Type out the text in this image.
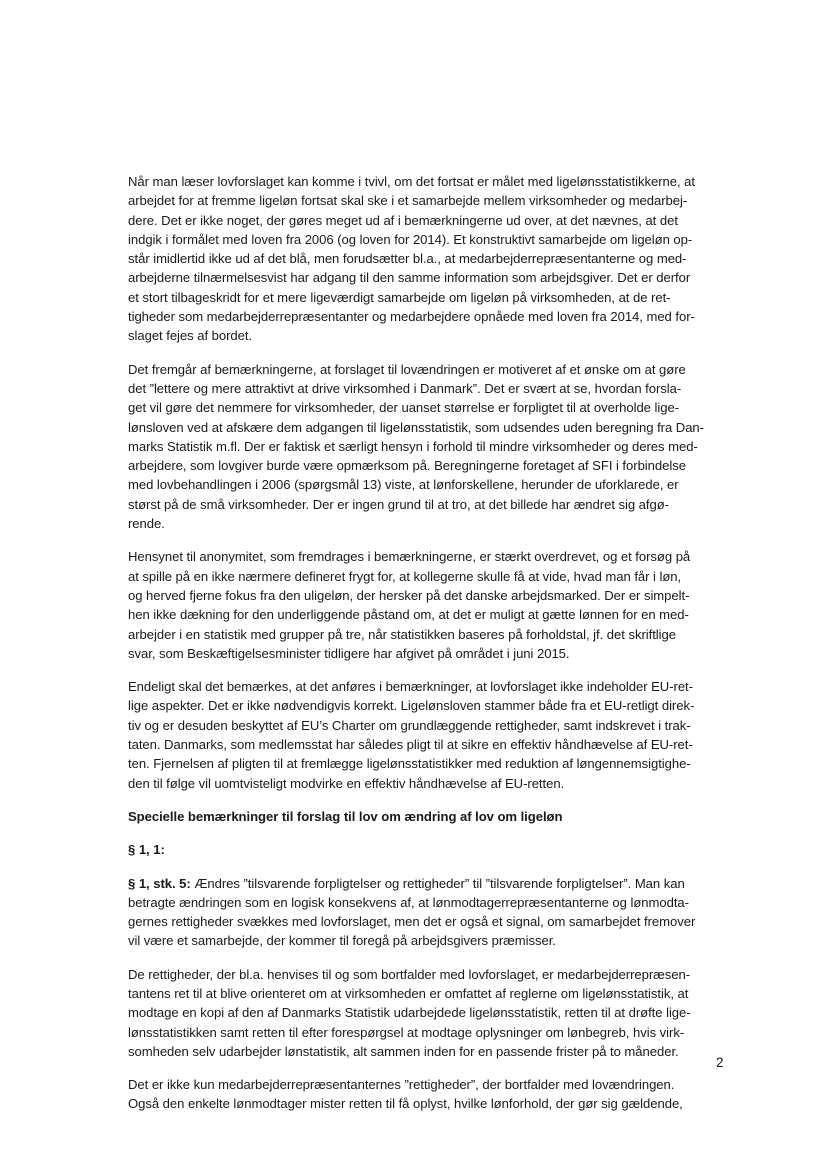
Når man læser lovforslaget kan komme i tvivl, om det fortsat er målet med ligelønsstatistikkerne, at
arbejdet for at fremme ligeløn fortsat skal ske i et samarbejde mellem virksomheder og medarbej-
dere. Det er ikke noget, der gøres meget ud af i bemærkningerne ud over, at det nævnes, at det
indgik i formålet med loven fra 2006 (og loven for 2014). Et konstruktivt samarbejde om ligeløn op-
står imidlertid ikke ud af det blå, men forudsætter bl.a., at medarbejderrepræsentanterne og med-
arbejderne tilnærmelsesvist har adgang til den samme information som arbejdsgiver. Det er derfor
et stort tilbageskridt for et mere ligeværdigt samarbejde om ligeløn på virksomheden, at de ret-
tigheder som medarbejderrepræsentanter og medarbejdere opnåede med loven fra 2014, med for-
slaget fejes af bordet.

Det fremgår af bemærkningerne, at forslaget til lovændringen er motiveret af et ønske om at gøre
det ”lettere og mere attraktivt at drive virksomhed i Danmark”. Det er svært at se, hvordan forsla-
get vil gøre det nemmere for virksomheder, der uanset størrelse er forpligtet til at overholde lige-
lønsloven ved at afskære dem adgangen til ligelønsstatistik, som udsendes uden beregning fra Dan-
marks Statistik m.fl. Der er faktisk et særligt hensyn i forhold til mindre virksomheder og deres med-
arbejdere, som lovgiver burde være opmærksom på. Beregningerne foretaget af SFI i forbindelse
med lovbehandlingen i 2006 (spørgsmål 13) viste, at lønforskellene, herunder de uforklarede, er
størst på de små virksomheder. Der er ingen grund til at tro, at det billede har ændret sig afgø-
rende.

Hensynet til anonymitet, som fremdrages i bemærkningerne, er stærkt overdrevet, og et forsøg på
at spille på en ikke nærmere defineret frygt for, at kollegerne skulle få at vide, hvad man får i løn,
og herved fjerne fokus fra den uligeløn, der hersker på det danske arbejdsmarked. Der er simpelt-
hen ikke dækning for den underliggende påstand om, at det er muligt at gætte lønnen for en med-
arbejder i en statistik med grupper på tre, når statistikken baseres på forholdstal, jf. det skriftlige
svar, som Beskæftigelsesminister tidligere har afgivet på området i juni 2015.

Endeligt skal det bemærkes, at det anføres i bemærkninger, at lovforslaget ikke indeholder EU-ret-
lige aspekter. Det er ikke nødvendigvis korrekt. Ligelønsloven stammer både fra et EU-retligt direk-
tiv og er desuden beskyttet af EU’s Charter om grundlæggende rettigheder, samt indskrevet i trak-
taten. Danmarks, som medlemsstat har således pligt til at sikre en effektiv håndhævelse af EU-ret-
ten. Fjernelsen af pligten til at fremlægge ligelønsstatistikker med reduktion af løngennemsigtighe-
den til følge vil uomtvisteligt modvirke en effektiv håndhævelse af EU-retten.

Specielle bemærkninger til forslag til lov om ændring af lov om ligeløn

§ 1, 1:

§ 1, stk. 5: Ændres ”tilsvarende forpligtelser og rettigheder” til ”tilsvarende forpligtelser”. Man kan
betragte ændringen som en logisk konsekvens af, at lønmodtagerrepræsentanterne og lønmodta-
gernes rettigheder svækkes med lovforslaget, men det er også et signal, om samarbejdet fremover
vil være et samarbejde, der kommer til foregå på arbejdsgivers præmisser.

De rettigheder, der bl.a. henvises til og som bortfalder med lovforslaget, er medarbejderrepræsen-
tantens ret til at blive orienteret om at virksomheden er omfattet af reglerne om ligelønsstatistik, at
modtage en kopi af den af Danmarks Statistik udarbejdede ligelønsstatistik, retten til at drøfte lige-
lønsstatistikken samt retten til efter forespørgsel at modtage oplysninger om lønbegreb, hvis virk-
somheden selv udarbejder lønstatistik, alt sammen inden for en passende frister på to måneder.

Det er ikke kun medarbejderrepræsentanternes ”rettigheder”, der bortfalder med lovændringen.
Også den enkelte lønmodtager mister retten til få oplyst, hvilke lønforhold, der gør sig gældende,

2
